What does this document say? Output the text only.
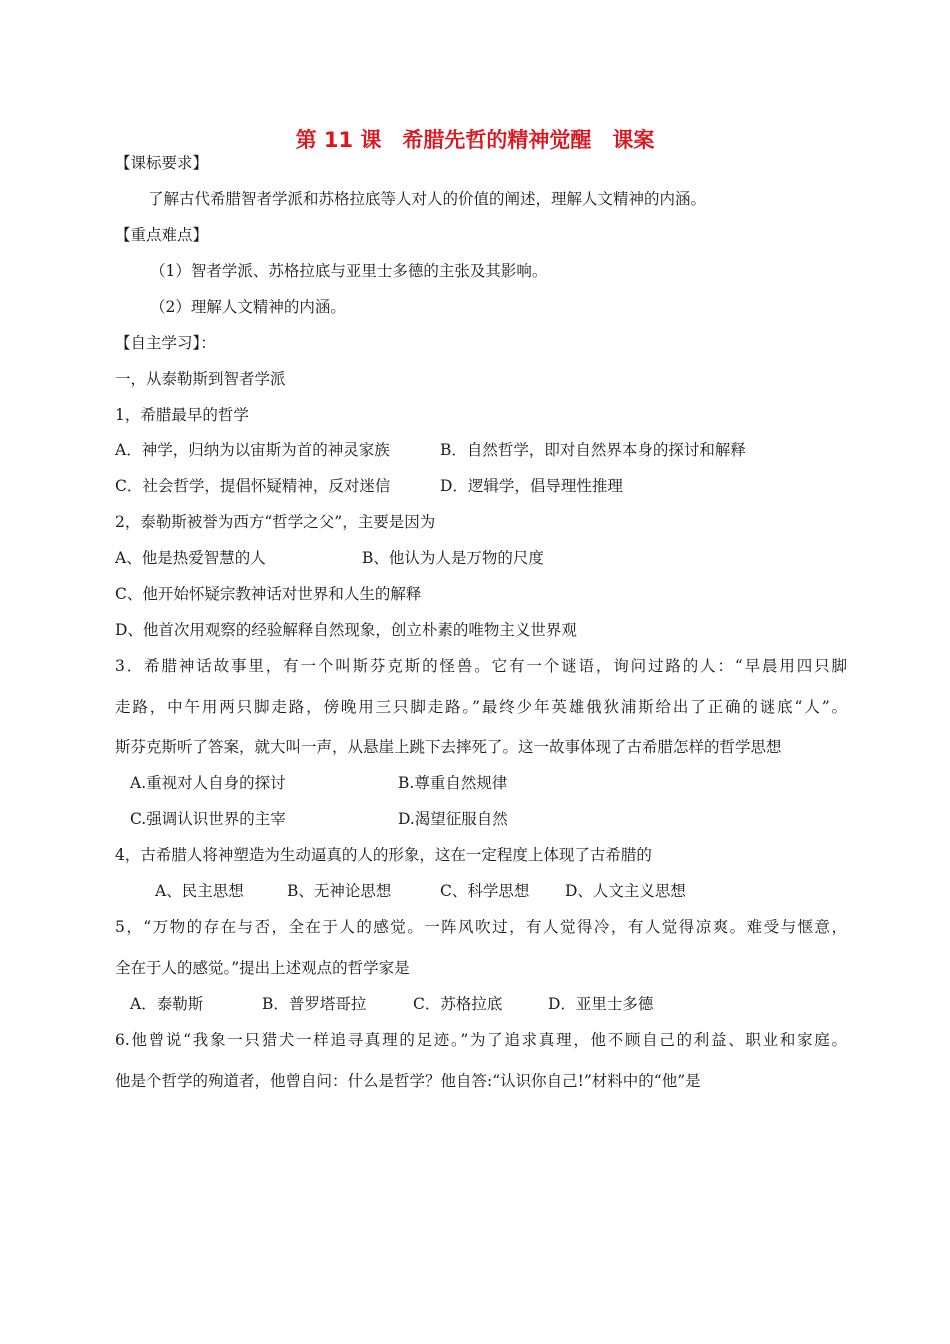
第 11 课　希腊先哲的精神觉醒　课案
【课标要求】
了解古代希腊智者学派和苏格拉底等人对人的价值的阐述，理解人文精神的内涵。
【重点难点】
（1）智者学派、苏格拉底与亚里士多德的主张及其影响。
（2）理解人文精神的内涵。
【自主学习】：
一，从泰勒斯到智者学派
1，希腊最早的哲学
A．神学，归纳为以宙斯为首的神灵家族	B．自然哲学，即对自然界本身的探讨和解释
C．社会哲学，提倡怀疑精神，反对迷信	D．逻辑学，倡导理性推理
2，泰勒斯被誉为西方“哲学之父”，主要是因为
A、他是热爱智慧的人	B、他认为人是万物的尺度
C、他开始怀疑宗教神话对世界和人生的解释
D、他首次用观察的经验解释自然现象，创立朴素的唯物主义世界观
3．希腊神话故事里，有一个叫斯芬克斯的怪兽。它有一个谜语，询问过路的人：“早晨用四只脚
走路，中午用两只脚走路，傍晚用三只脚走路。”最终少年英雄俄狄浦斯给出了正确的谜底“人”。
斯芬克斯听了答案，就大叫一声，从悬崖上跳下去摔死了。这一故事体现了古希腊怎样的哲学思想
A.重视对人自身的探讨	B.尊重自然规律
C.强调认识世界的主宰	D.渴望征服自然
4，古希腊人将神塑造为生动逼真的人的形象，这在一定程度上体现了古希腊的
A、民主思想	B、无神论思想	C、科学思想 D、人文主义思想
5，“万物的存在与否，全在于人的感觉。一阵风吹过，有人觉得冷，有人觉得凉爽。难受与惬意，
全在于人的感觉。”提出上述观点的哲学家是
A．泰勒斯	B．普罗塔哥拉	C．苏格拉底	D．亚里士多德
6.他曾说“我象一只猎犬一样追寻真理的足迹。”为了追求真理，他不顾自己的利益、职业和家庭。
他是个哲学的殉道者，他曾自问：什么是哲学？他自答:“认识你自己!”材料中的“他”是
